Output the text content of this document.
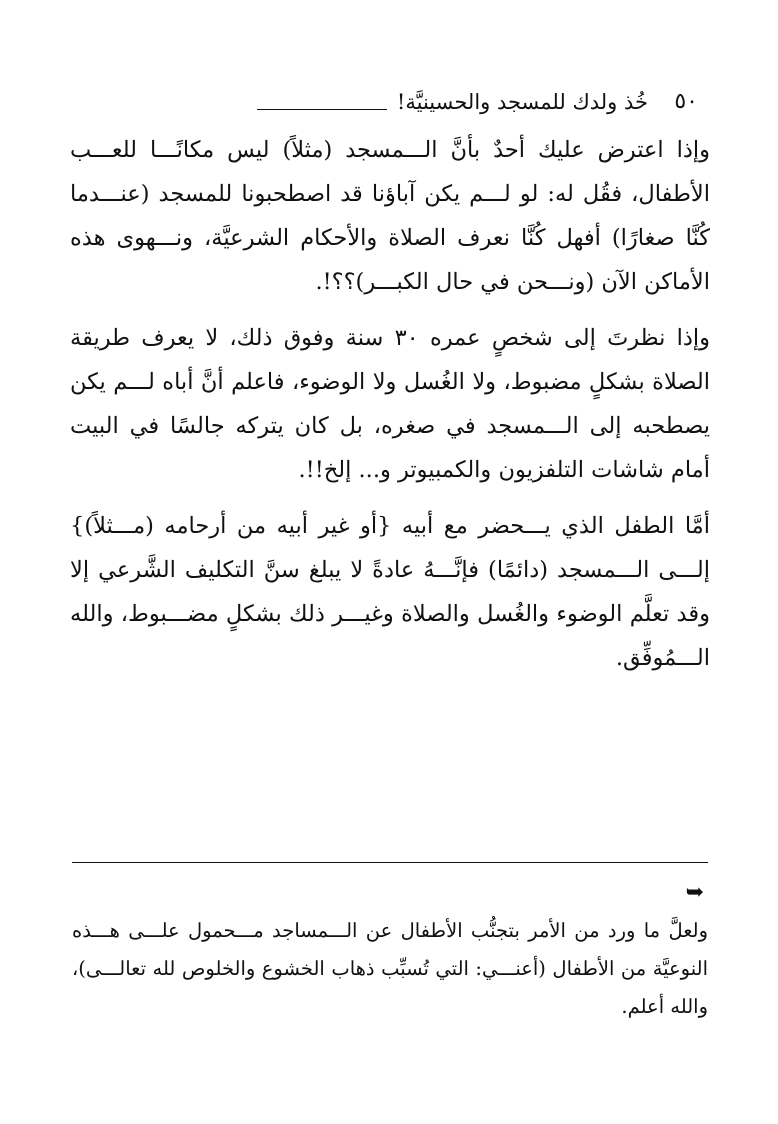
٥٠
خُذ ولدك للمسجد والحسينيَّة!

وإذا اعترض عليك أحدٌ بأنَّ الـــمسجد (مثلاً) ليس مكانًـــا للعـــب الأطفال، فقُل له: لو لـــم يكن آباؤنا قد اصطحبونا للمسجد (عنـــدما كُنَّا صغارًا) أفهل كُنَّا نعرف الصلاة والأحكام الشرعيَّة، ونـــهوى هذه الأماكن الآن (ونـــحن في حال الكبـــر)؟؟!.

وإذا نظرتَ إلى شخصٍ عمره ٣٠ سنة وفوق ذلك، لا يعرف طريقة الصلاة بشكلٍ مضبوط، ولا الغُسل ولا الوضوء، فاعلم أنَّ أباه لـــم يكن يصطحبه إلى الـــمسجد في صغره، بل كان يتركه جالسًا في البيت أمام شاشات التلفزيون والكمبيوتر و... إلخ!!.

أمَّا الطفل الذي يـــحضر مع أبيه {أو غير أبيه من أرحامه (مـــثلاً)} إلـــى الـــمسجد (دائمًا) فإنَّـــهُ عادةً لا يبلغ سنَّ التكليف الشَّرعي إلا وقد تعلَّم الوضوء والغُسل والصلاة وغيـــر ذلك بشكلٍ مضـــبوط، والله الـــمُوفِّق.

➥

ولعلَّ ما ورد من الأمر بتجنُّب الأطفال عن الـــمساجد مـــحمول علـــى هـــذه النوعيَّة من الأطفال (أعنـــي: التي تُسبِّب ذهاب الخشوع والخلوص لله تعالـــى)، والله أعلم.
